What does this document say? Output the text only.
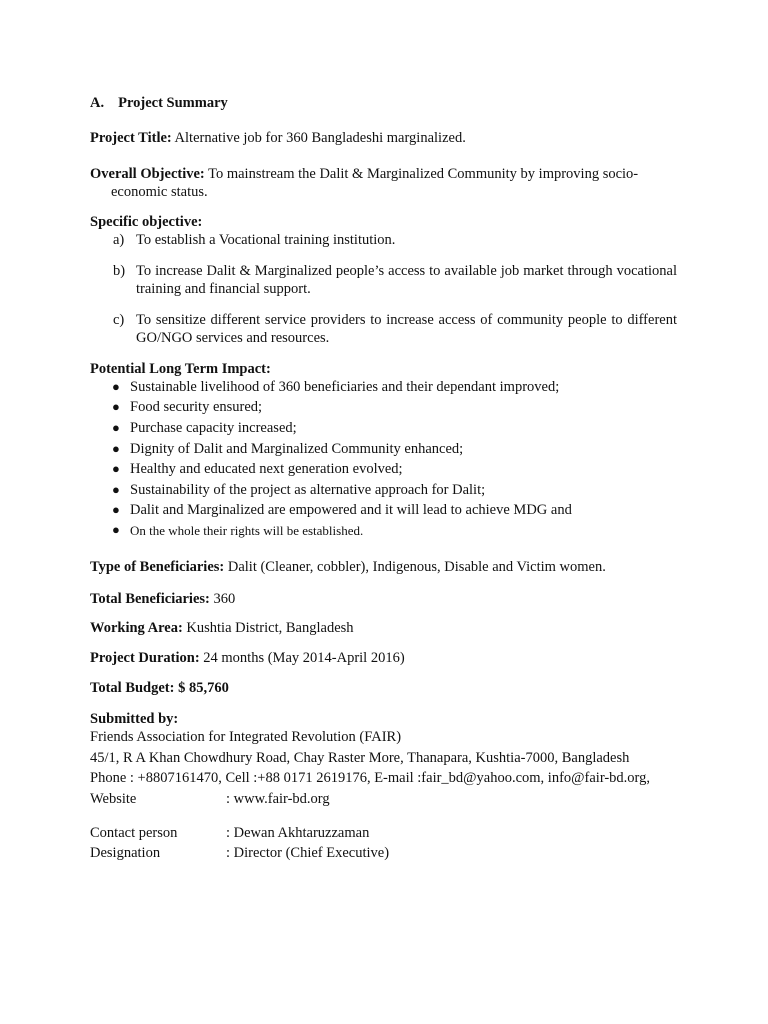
A. Project Summary
Project Title: Alternative job for 360 Bangladeshi marginalized.
Overall Objective: To mainstream the Dalit & Marginalized Community by improving socio-
economic status.
Specific objective:
a) To establish a Vocational training institution.
b) To increase Dalit & Marginalized people’s access to available job market through vocational training and financial support.
c) To sensitize different service providers to increase access of community people to different GO/NGO services and resources.
Potential Long Term Impact:
● Sustainable livelihood of 360 beneficiaries and their dependant improved;
● Food security ensured;
● Purchase capacity increased;
● Dignity of Dalit and Marginalized Community enhanced;
● Healthy and educated next generation evolved;
● Sustainability of the project as alternative approach for Dalit;
● Dalit and Marginalized are empowered and it will lead to achieve MDG and
● On the whole their rights will be established.
Type of Beneficiaries: Dalit (Cleaner, cobbler), Indigenous, Disable and Victim women.
Total Beneficiaries: 360
Working Area: Kushtia District, Bangladesh
Project Duration: 24 months (May 2014-April 2016)
Total Budget: $ 85,760
Submitted by:
Friends Association for Integrated Revolution (FAIR)
45/1, R A Khan Chowdhury Road, Chay Raster More, Thanapara, Kushtia-7000, Bangladesh
Phone : +8807161470, Cell :+88 0171 2619176, E-mail :fair_bd@yahoo.com, info@fair-bd.org,
Website	: www.fair-bd.org
Contact person	: Dewan Akhtaruzzaman
Designation	: Director (Chief Executive)
